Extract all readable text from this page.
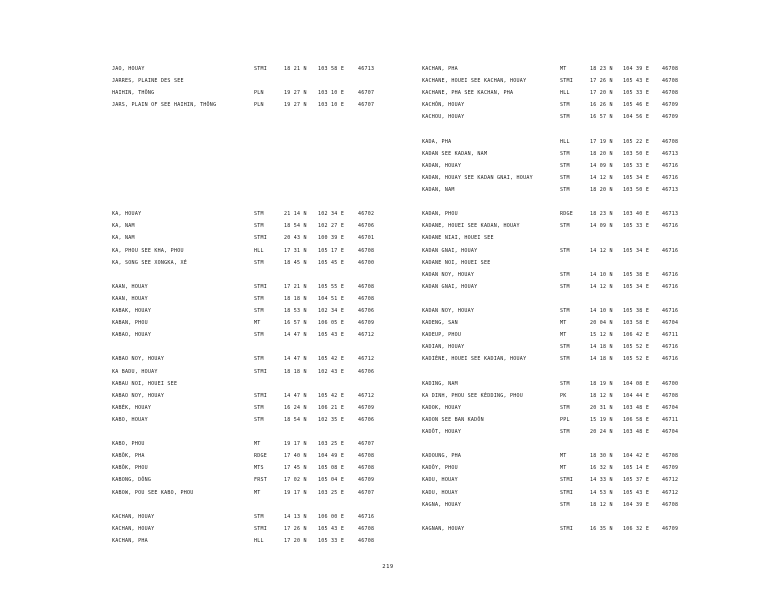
JAO, HOUAY	STMI	18 21 N 103 58 E	46713
JARRES, PLAINE DES SEE
HAIHIN, THÔNG	PLN	19 27 N 103 10 E	46707
JARS, PLAIN OF SEE HAIHIN, THÔNG	PLN	19 27 N 103 10 E	46707
KA, HOUAY	STM	21 14 N 102 34 E	46702
KA, NAM	STM	18 54 N 102 27 E	46706
KA, NAM	STMI	20 43 N 100 39 E	46701
KA, PHOU SEE KHA, PHOU	HLL	17 31 N 105 17 E	46708
KA, SONG SEE XONGKA, XÉ	STM	18 45 N 105 45 E	46700
KAAN, HOUAY	STMI	17 21 N 105 55 E	46708
KAAN, HOUAY	STM	18 18 N 104 51 E	46708
KABAK, HOUAY	STM	18 53 N 102 34 E	46706
KABAN, PHOU	MT	16 57 N 106 05 E	46709
KABAO, HOUAY	STM	14 47 N 105 43 E	46712
KABAO NOY, HOUAY	STM	14 47 N 105 42 E	46712
KA BADU, HOUAY	STMI	18 18 N 102 43 E	46706
KABAU NOI, HOUEI SEE
KABAO NOY, HOUAY	STMI	14 47 N 105 42 E	46712
KABÈK, HOUAY	STM	16 24 N 106 21 E	46709
KABO, HOUAY	STM	18 54 N 102 35 E	46706
KABO, PHOU	MT	19 17 N 103 25 E	46707
KABÔK, PHA	RDGE	17 40 N 104 49 E	46708
KABÔK, PHOU	MTS	17 45 N 105 08 E	46708
KABONG, DÔNG	FRST	17 02 N 105 04 E	46709
KABOW, POU SEE KABO, PHOU	MT	19 17 N 103 25 E	46707
KACHAN, HOUAY	STM	14 13 N 106 00 E	46716
KACHAN, HOUAY	STMI	17 26 N 105 43 E	46708
KACHAN, PHA	HLL	17 20 N 105 33 E	46708
KACHAN, PHA	MT	18 23 N 104 39 E	46708
KACHANE, HOUEI SEE KACHAN, HOUAY	STMI	17 26 N 105 43 E	46708
KACHANE, PHA SEE KACHAN, PHA	HLL	17 20 N 105 33 E	46708
KACHÔN, HOUAY	STM	16 26 N 105 46 E	46709
KACHOU, HOUAY	STM	16 57 N 104 56 E	46709
KADA, PHA	HLL	17 19 N 105 22 E	46708
KADAN SEE KADAN, NAM	STM	18 20 N 103 50 E	46713
KADAN, HOUAY	STM	14 09 N 105 33 E	46716
KADAN, HOUAY SEE KADAN GNAI, HOUAY	STM	14 12 N 105 34 E	46716
KADAN, NAM	STM	18 20 N 103 50 E	46713
KADAN, PHOU	RDGE	18 23 N 103 40 E	46713
KADANE, HOUEI SEE KADAN, HOUAY	STM	14 09 N 105 33 E	46716
KADANE NIAI, HOUEI SEE
KADAN GNAI, HOUAY	STM	14 12 N 105 34 E	46716
KADANE NOI, HOUEI SEE
KADAN NOY, HOUAY	STM	14 10 N 105 38 E	46716
KADAN GNAI, HOUAY	STM	14 12 N 105 34 E	46716
KADAN NOY, HOUAY	STM	14 10 N 105 38 E	46716
KADENG, SAN	MT	20 04 N 103 58 E	46704
KADEUP, PHOU	MT	15 12 N 106 42 E	46711
KADIAN, HOUAY	STM	14 18 N 105 52 E	46716
KADIÈNE, HOUEI SEE KADIAN, HOUAY	STM	14 18 N 105 52 E	46716
KADING, NAM	STM	18 19 N 104 08 E	46700
KA DINH, PHOU SEE KÈDDING, PHOU	PK	18 12 N 104 44 E	46708
KADOK, HOUAY	STM	20 31 N 103 48 E	46704
KADON SEE BAN KADÔN	PPL	15 19 N 106 58 E	46711
KADÔT, HOUAY	STM	20 24 N 103 48 E	46704
KADOUNG, PHA	MT	18 30 N 104 42 E	46708
KADÔY, PHOU	MT	16 32 N 105 14 E	46709
KADU, HOUAY	STMI	14 33 N 105 37 E	46712
KADU, HOUAY	STMI	14 53 N 105 43 E	46712
KAGNA, HOUAY	STM	18 12 N 104 39 E	46708
KAGNAN, HOUAY	STMI	16 35 N 106 32 E	46709
219
